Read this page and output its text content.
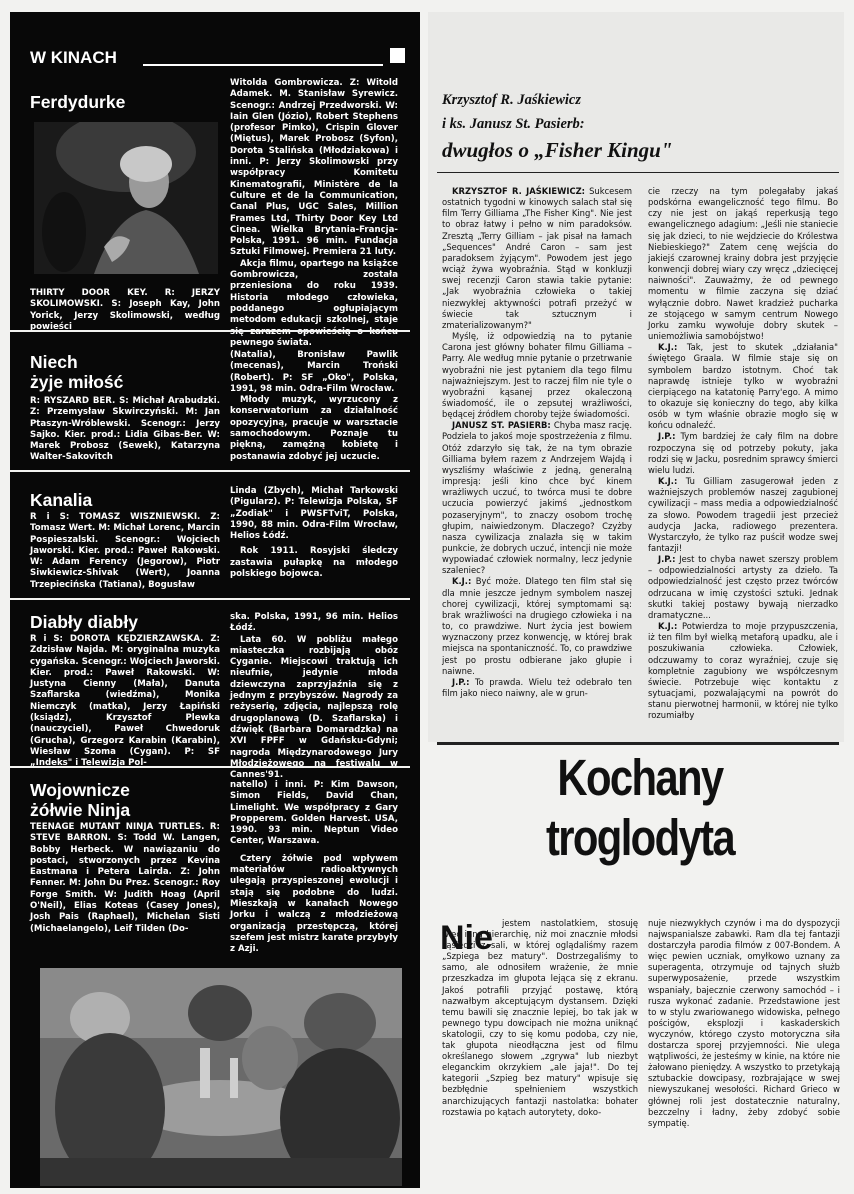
W KINACH
Ferdydurke
THIRTY DOOR KEY. R: JERZY SKOLIMOWSKI. S: Joseph Kay, John Yorick, Jerzy Skolimowski, według powieści

Witolda Gombrowicza. Z: Witold Adamek. M. Stanisław Syrewicz. Scenogr.: Andrzej Przedworski. W: Iain Glen (Józio), Robert Stephens (profesor Pimko), Crispin Glover (Miętus), Marek Probosz (Syfon), Dorota Stalińska (Młodziakowa) i inni. P: Jerzy Skolimowski przy współpracy Komitetu Kinematografii, Ministère de la Culture et de la Communication, Canal Plus, UGC Sales, Million Frames Ltd, Thirty Door Key Ltd Cinea. Wielka Brytania-Francja-Polska, 1991. 96 min. Fundacja Sztuki Filmowej. Premiera 21 luty.

Akcja filmu, opartego na książce Gombrowicza, została przeniesiona do roku 1939. Historia młodego człowieka, poddanego ogłupiającym metodom edukacji szkolnej, staje się zarazem opowieścią o końcu pewnego świata.

Niech
żyje miłość
R: RYSZARD BER. S: Michał Arabudzki. Z: Przemysław Skwirczyński. M: Jan Ptaszyn-Wróblewski. Scenogr.: Jerzy Sajko. Kier. prod.: Lidia Gibas-Ber. W: Marek Probosz (Sewek), Katarzyna Walter-Sakovitch

(Natalia), Bronisław Pawlik (mecenas), Marcin Troński (Robert). P: SF „Oko", Polska, 1991, 98 min. Odra-Film Wrocław.

Młody muzyk, wyrzucony z konserwatorium za działalność opozycyjną, pracuje w warsztacie samochodowym. Poznaje tu piękną, zamężną kobietę i postanawia zdobyć jej uczucie.

Kanalia
R i S: TOMASZ WISZNIEWSKI. Z: Tomasz Wert. M: Michał Lorenc, Marcin Pospieszalski. Scenogr.: Wojciech Jaworski. Kier. prod.: Paweł Rakowski. W: Adam Ferency (Jegorow), Piotr Siwkiewicz-Shivak (Wert), Joanna Trzepiecińska (Tatiana), Bogusław

Linda (Zbych), Michał Tarkowski (Pigularz). P: Telewizja Polska, SF „Zodiak" i PWSFTviT, Polska, 1990, 88 min. Odra-Film Wrocław, Helios Łódź.

Rok 1911. Rosyjski śledczy zastawia pułapkę na młodego polskiego bojowca.

Diabły diabły
R i S: DOROTA KĘDZIERZAWSKA. Z: Zdzisław Najda. M: oryginalna muzyka cygańska. Scenogr.: Wojciech Jaworski. Kier. prod.: Paweł Rakowski. W: Justyna Cienny (Mała), Danuta Szaflarska (wiedźma), Monika Niemczyk (matka), Jerzy Łapiński (ksiądz), Krzysztof Plewka (nauczyciel), Paweł Chwedoruk (Grucha), Grzegorz Karabin (Karabin), Wiesław Szoma (Cygan). P: SF „Indeks" i Telewizja Pol-

ska. Polska, 1991, 96 min. Helios Łódź.

Lata 60. W pobliżu małego miasteczka rozbijają obóz Cyganie. Miejscowi traktują ich nieufnie, jedynie młoda dziewczyna zaprzyjaźnia się z jednym z przybyszów. Nagrody za reżyserię, zdjęcia, najlepszą rolę drugoplanową (D. Szaflarska) i dźwięk (Barbara Domaradzka) na XVI FPFF w Gdańsku-Gdyni; nagroda Międzynarodowego Jury Młodzieżowego na festiwalu w Cannes'91.

Wojownicze
żółwie Ninja
TEENAGE MUTANT NINJA TURTLES. R: STEVE BARRON. S: Todd W. Langen, Bobby Herbeck. W nawiązaniu do postaci, stworzonych przez Kevina Eastmana i Petera Lairda. Z: John Fenner. M: John Du Prez. Scenogr.: Roy Forge Smith. W: Judith Hoag (April O'Neil), Elias Koteas (Casey Jones), Josh Pais (Raphael), Michelan Sisti (Michaelangelo), Leif Tilden (Do-

natello) i inni. P: Kim Dawson, Simon Fields, David Chan, Limelight. We współpracy z Gary Propperem. Golden Harvest. USA, 1990. 93 min. Neptun Video Center, Warszawa.

Cztery żółwie pod wpływem materiałów radioaktywnych ulegają przyspieszonej ewolucji i stają się podobne do ludzi. Mieszkają w kanałach Nowego Jorku i walczą z młodzieżową organizacją przestępczą, której szefem jest mistrz karate przybyły z Azji.

Krzysztof R. Jaśkiewicz
i ks. Janusz St. Pasierb:
dwugłos o „Fisher Kingu"

KRZYSZTOF R. JAŚKIEWICZ: Sukcesem ostatnich tygodni w kinowych salach stał się film Terry Gilliama „The Fisher King". Nie jest to obraz łatwy i pełno w nim paradoksów. Zresztą „Terry Gilliam – jak pisał na łamach „Sequences" André Caron – sam jest paradoksem żyjącym". Powodem jest jego wciąż żywa wyobraźnia. Stąd w konkluzji swej recenzji Caron stawia takie pytanie: „Jak wyobraźnia człowieka o takiej niezwykłej aktywności potrafi przeżyć w świecie tak sztucznym i zmaterializowanym?"

Myślę, iż odpowiedzią na to pytanie Carona jest główny bohater filmu Gilliama – Parry. Ale według mnie pytanie o przetrwanie wyobraźni nie jest pytaniem dla tego filmu najważniejszym. Jest to raczej film nie tyle o wyobraźni kąsanej przez okaleczoną świadomość, ile o zepsutej wrażliwości, będącej źródłem choroby tejże świadomości.

JANUSZ ST. PASIERB: Chyba masz rację. Podziela to jakoś moje spostrzeżenia z filmu. Otóż zdarzyło się tak, że na tym obrazie Gilliama byłem razem z Andrzejem Wajdą i wyszliśmy właściwie z jedną, generalną impresją: jeśli kino chce być kinem wrażliwych uczuć, to twórca musi te dobre uczucia powierzyć jakimś „jednostkom pozaseryjnym", to znaczy osobom trochę głupim, naiwiedzonym. Dlaczego? Czyżby nasza cywilizacja znalazła się w takim punkcie, że dobrych uczuć, intencji nie może wypowiadać człowiek normalny, lecz jedynie szaleniec?

K.J.: Być może. Dlatego ten film stał się dla mnie jeszcze jednym symbolem naszej chorej cywilizacji, której symptomami są: brak wrażliwości na drugiego człowieka i na to, co prawdziwe. Nurt życia jest bowiem wyznaczony przez konwencję, w której brak miejsca na spontaniczność. To, co prawdziwe jest po prostu odbierane jako głupie i naiwne.

J.P.: To prawda. Wielu też odebrało ten film jako nieco naiwny, ale w grun-

cie rzeczy na tym polegałaby jakaś podskórna ewangeliczność tego filmu. Bo czy nie jest on jakąś reperkusją tego ewangelicznego adagium: „Jeśli nie staniecie się jak dzieci, to nie wejdziecie do Królestwa Niebieskiego?" Zatem cenę wejścia do jakiejś czarownej krainy dobra jest przyjęcie konwencji dobrej wiary czy wręcz „dziecięcej naiwności". Zauważmy, że od pewnego momentu w filmie zaczyna się dziać wyłącznie dobro. Nawet kradzież pucharka ze stojącego w samym centrum Nowego Jorku zamku wywołuje dobry skutek – uniemożliwia samobójstwo!

K.J.: Tak, jest to skutek „działania" świętego Graala. W filmie staje się on symbolem bardzo istotnym. Choć tak naprawdę istnieje tylko w wyobraźni cierpiącego na katatonię Parry'ego. A mimo to okazuje się konieczny do tego, aby kilka osób w tym właśnie obrazie mogło się w końcu odnaleźć.

J.P.: Tym bardziej że cały film na dobre rozpoczyna się od potrzeby pokuty, jaka rodzi się w Jacku, posrednim sprawcy śmierci wielu ludzi.

K.J.: Tu Gilliam zasugerował jeden z ważniejszych problemów naszej zagubionej cywilizacji – mass media a odpowiedzialność za słowo. Powodem tragedii jest przecież audycja Jacka, radiowego prezentera. Wystarczyło, że tylko raz puścił wodze swej fantazji!

J.P.: Jest to chyba nawet szerszy problem – odpowiedzialności artysty za dzieło. Ta odpowiedzialność jest często przez twórców odrzucana w imię czystości sztuki. Jednak skutki takiej postawy bywają nierzadko dramatyczne...

K.J.: Potwierdza to moje przypuszczenia, iż ten film był wielką metaforą upadku, ale i poszukiwania człowieka. Człowiek, odczuwamy to coraz wyraźniej, czuje się kompletnie zagubiony we współczesnym świecie. Potrzebuje więc kontaktu z sytuacjami, pozwalającymi na powrót do stanu pierwotnej harmonii, w której nie tylko rozumiałby

Kochany
troglodyta
Nie	jestem nastolatkiem, stosuję więc inną hierarchię, niż moi znacznie młodsi sąsiedzi z sali, w której oglądaliśmy razem „Szpiega bez matury". Dostrzegaliśmy to samo, ale odnosiłem wrażenie, że mnie przeszkadza im głupota lejąca się z ekranu. Jakoś potrafili przyjąć postawę, którą nazwałbym akceptującym dystansem. Dzięki temu bawili się znacznie lepiej, bo tak jak w pewnego typu dowcipach nie można uniknąć skatologii, czy to się komu podoba, czy nie, tak głupota nieodłączna jest od filmu określanego słowem „zgrywa" lub niezbyt eleganckim okrzykiem „ale jaja!". Do tej kategorii „Szpieg bez matury" wpisuje się bezbłędnie spełnieniem wszystkich anarchizujących fantazji nastolatka: bohater rozstawia po kątach autorytety, doko-
nuje niezwykłych czynów i ma do dyspozycji najwspanialsze zabawki. Ram dla tej fantazji dostarczyła parodia filmów z 007-Bondem. A więc pewien uczniak, omyłkowo uznany za superagenta, otrzymuje od tajnych służb superwyposażenie, przede wszystkim wspaniały, bajecznie czerwony samochód – i rusza wykonać zadanie. Przedstawione jest to w stylu zwariowanego widowiska, pełnego pościgów, eksplozji i kaskaderskich wyczynów, którego czysto motoryczna siła dostarcza sporej przyjemności. Nie ulega wątpliwości, że jesteśmy w kinie, na które nie żałowano pieniędzy. A wszystko to przetykają sztubackie dowcipasy, rozbrajające w swej niewyszukanej wesołości. Richard Grieco w głównej roli jest dostatecznie naturalny, bezczelny i ładny, żeby zdobyć sobie sympatię.
